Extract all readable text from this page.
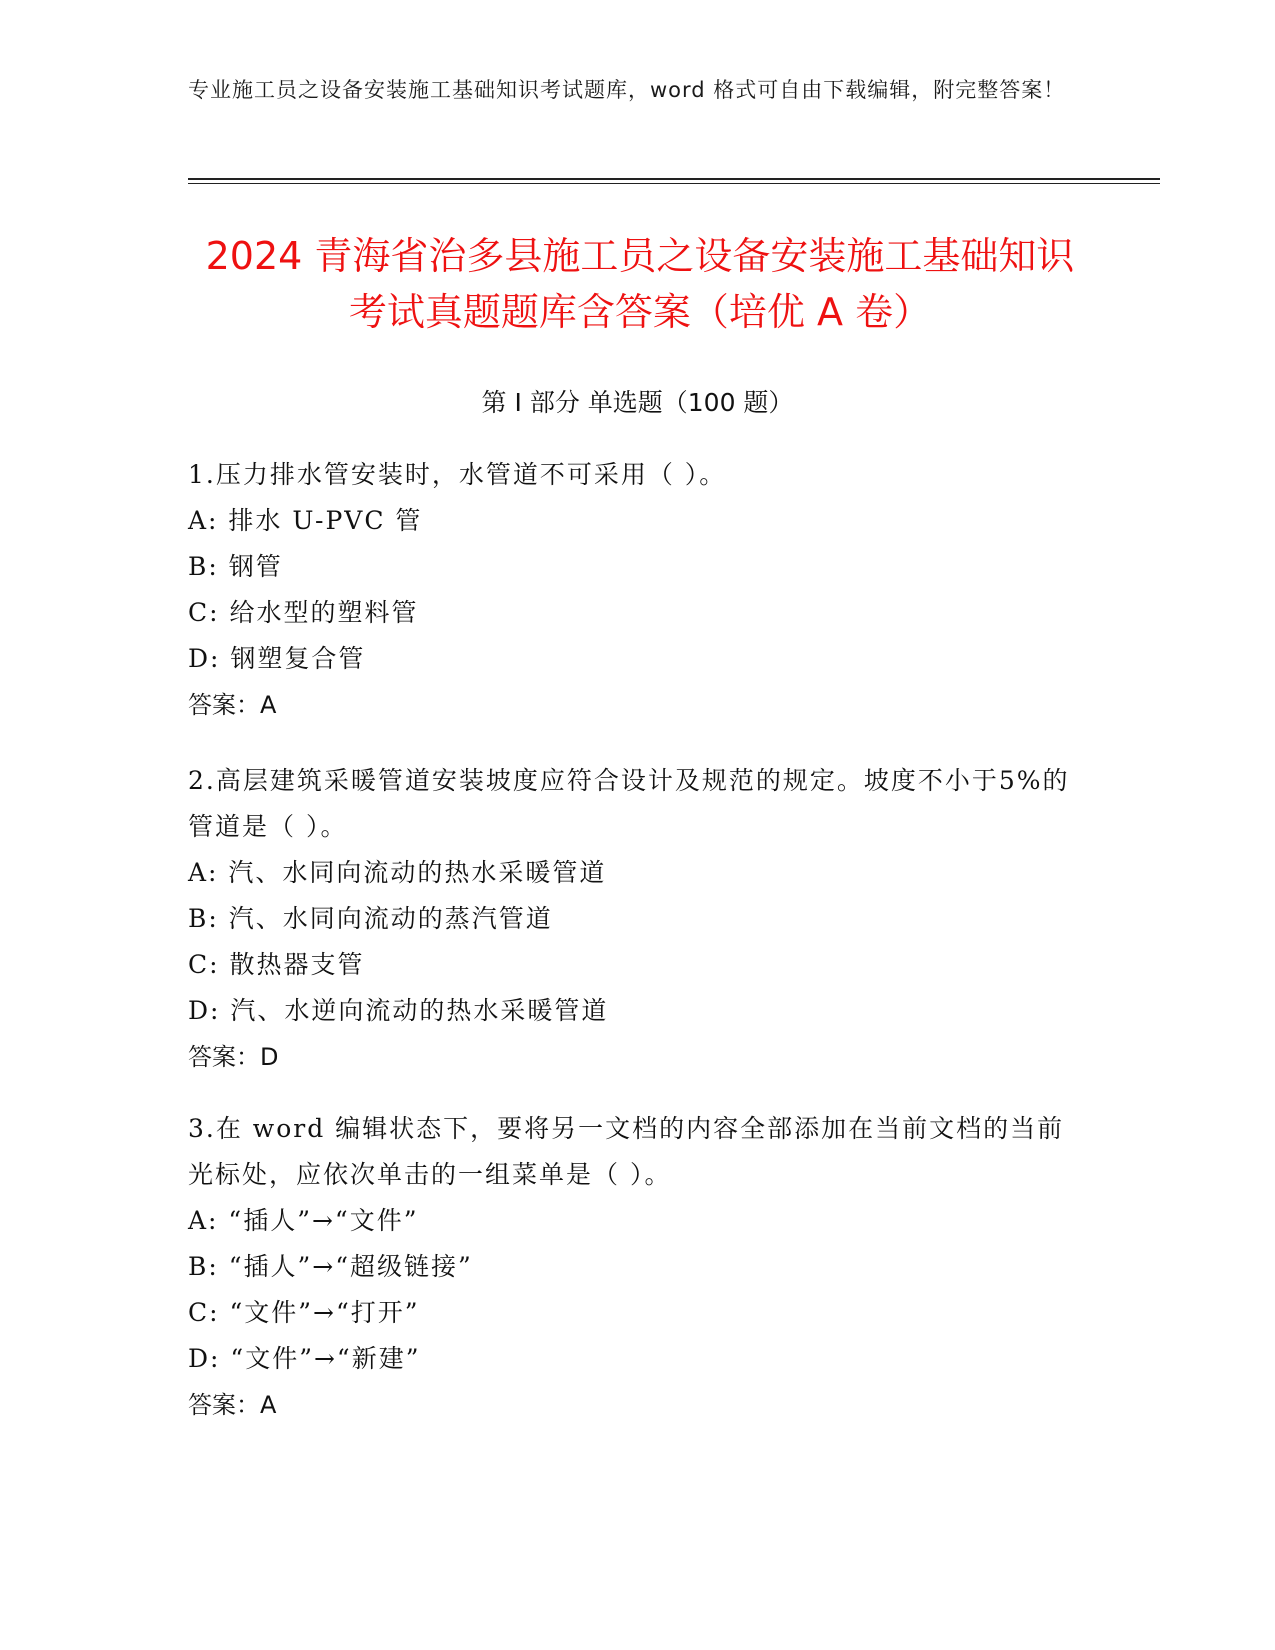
专业施工员之设备安装施工基础知识考试题库，word 格式可自由下载编辑，附完整答案！
2024 青海省治多县施工员之设备安装施工基础知识考试真题题库含答案（培优 A 卷）
第 I 部分 单选题（100 题）
1.压力排水管安装时，水管道不可采用（ ）。
A: 排水 U-PVC 管
B: 钢管
C: 给水型的塑料管
D: 钢塑复合管
答案：A
2.高层建筑采暖管道安装坡度应符合设计及规范的规定。坡度不小于5%的管道是（ ）。
A: 汽、水同向流动的热水采暖管道
B: 汽、水同向流动的蒸汽管道
C: 散热器支管
D: 汽、水逆向流动的热水采暖管道
答案：D
3.在 word 编辑状态下，要将另一文档的内容全部添加在当前文档的当前光标处，应依次单击的一组菜单是（ ）。
A: “插人”→“文件”
B: “插人”→“超级链接”
C: “文件”→“打开”
D: “文件”→“新建”
答案：A
